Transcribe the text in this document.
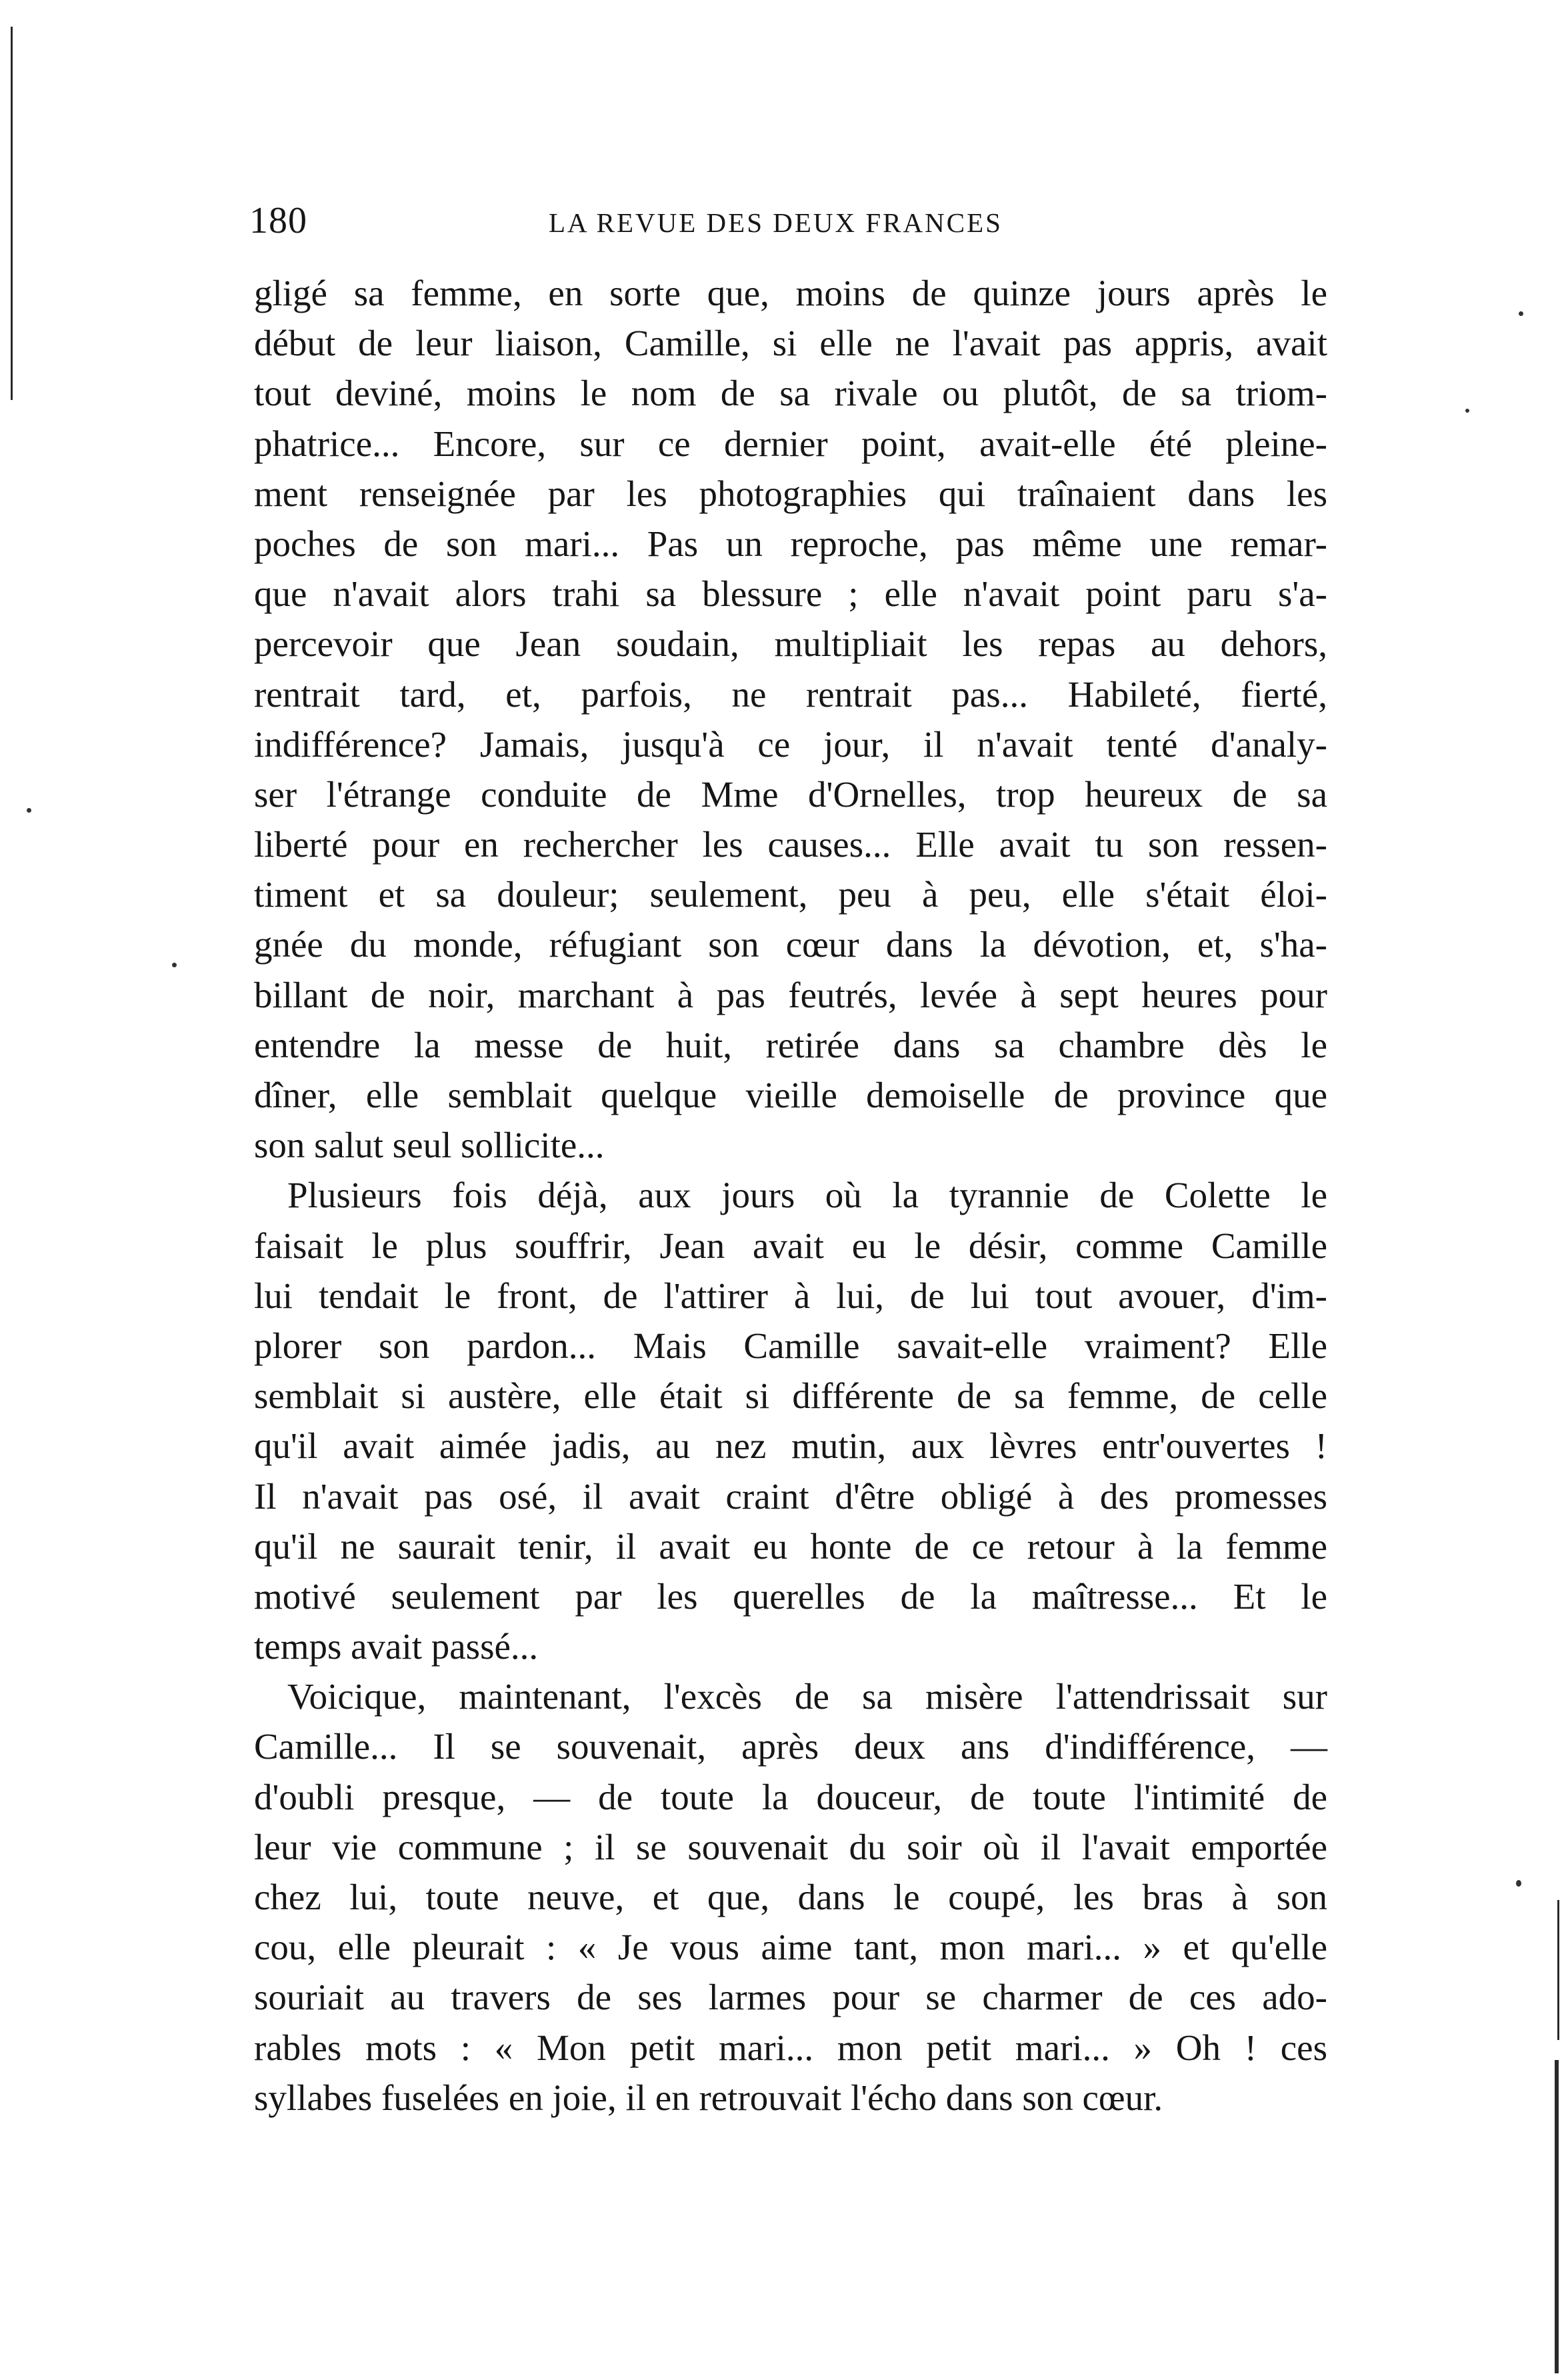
180	LA REVUE DES DEUX FRANCES
gligé sa femme, en sorte que, moins de quinze jours après le
début de leur liaison, Camille, si elle ne l'avait pas appris, avait
tout deviné, moins le nom de sa rivale ou plutôt, de sa triom-
phatrice... Encore, sur ce dernier point, avait-elle été pleine-
ment renseignée par les photographies qui traînaient dans les
poches de son mari... Pas un reproche, pas même une remar-
que n'avait alors trahi sa blessure ; elle n'avait point paru s'a-
percevoir que Jean soudain, multipliait les repas au dehors,
rentrait tard, et, parfois, ne rentrait pas... Habileté, fierté,
indifférence? Jamais, jusqu'à ce jour, il n'avait tenté d'analy-
ser l'étrange conduite de Mme d'Ornelles, trop heureux de sa
liberté pour en rechercher les causes... Elle avait tu son ressen-
timent et sa douleur; seulement, peu à peu, elle s'était éloi-
gnée du monde, réfugiant son cœur dans la dévotion, et, s'ha-
billant de noir, marchant à pas feutrés, levée à sept heures pour
entendre la messe de huit, retirée dans sa chambre dès le
dîner, elle semblait quelque vieille demoiselle de province que
son salut seul sollicite...
Plusieurs fois déjà, aux jours où la tyrannie de Colette le
faisait le plus souffrir, Jean avait eu le désir, comme Camille
lui tendait le front, de l'attirer à lui, de lui tout avouer, d'im-
plorer son pardon... Mais Camille savait-elle vraiment? Elle
semblait si austère, elle était si différente de sa femme, de celle
qu'il avait aimée jadis, au nez mutin, aux lèvres entr'ouvertes !
Il n'avait pas osé, il avait craint d'être obligé à des promesses
qu'il ne saurait tenir, il avait eu honte de ce retour à la femme
motivé seulement par les querelles de la maîtresse... Et le
temps avait passé...
Voicique, maintenant, l'excès de sa misère l'attendrissait sur
Camille... Il se souvenait, après deux ans d'indifférence, —
d'oubli presque, — de toute la douceur, de toute l'intimité de
leur vie commune ; il se souvenait du soir où il l'avait emportée
chez lui, toute neuve, et que, dans le coupé, les bras à son
cou, elle pleurait : « Je vous aime tant, mon mari... » et qu'elle
souriait au travers de ses larmes pour se charmer de ces ado-
rables mots : « Mon petit mari... mon petit mari... » Oh ! ces
syllabes fuselées en joie, il en retrouvait l'écho dans son cœur.
